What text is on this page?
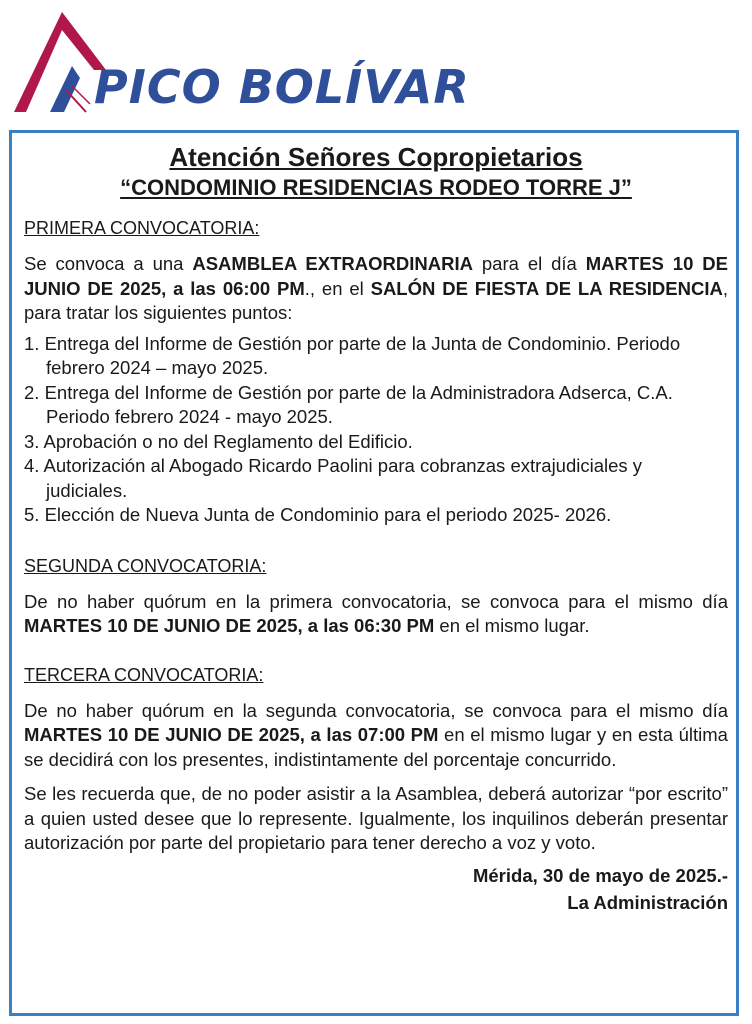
PICO BOLÍVAR
Atención Señores Copropietarios
“CONDOMINIO RESIDENCIAS RODEO TORRE J”
PRIMERA CONVOCATORIA:

Se convoca a una ASAMBLEA EXTRAORDINARIA para el día MARTES 10 DE JUNIO DE 2025, a las 06:00 PM., en el SALÓN DE FIESTA DE LA RESIDENCIA, para tratar los siguientes puntos:

1. Entrega del Informe de Gestión por parte de la Junta de Condominio. Periodo febrero 2024 – mayo 2025.
2. Entrega del Informe de Gestión por parte de la Administradora Adserca, C.A. Periodo febrero 2024 - mayo 2025.
3. Aprobación o no del Reglamento del Edificio.
4. Autorización al Abogado Ricardo Paolini para cobranzas extrajudiciales y judiciales.
5. Elección de Nueva Junta de Condominio para el periodo 2025- 2026.
SEGUNDA CONVOCATORIA:

De no haber quórum en la primera convocatoria, se convoca para el mismo día MARTES 10 DE JUNIO DE 2025, a las 06:30 PM en el mismo lugar.

TERCERA CONVOCATORIA:

De no haber quórum en la segunda convocatoria, se convoca para el mismo día MARTES 10 DE JUNIO DE 2025, a las 07:00 PM en el mismo lugar y en esta última se decidirá con los presentes, indistintamente del porcentaje concurrido.

Se les recuerda que, de no poder asistir a la Asamblea, deberá autorizar “por escrito” a quien usted desee que lo represente. Igualmente, los inquilinos deberán presentar autorización por parte del propietario para tener derecho a voz y voto.

Mérida, 30 de mayo de 2025.-

La Administración
